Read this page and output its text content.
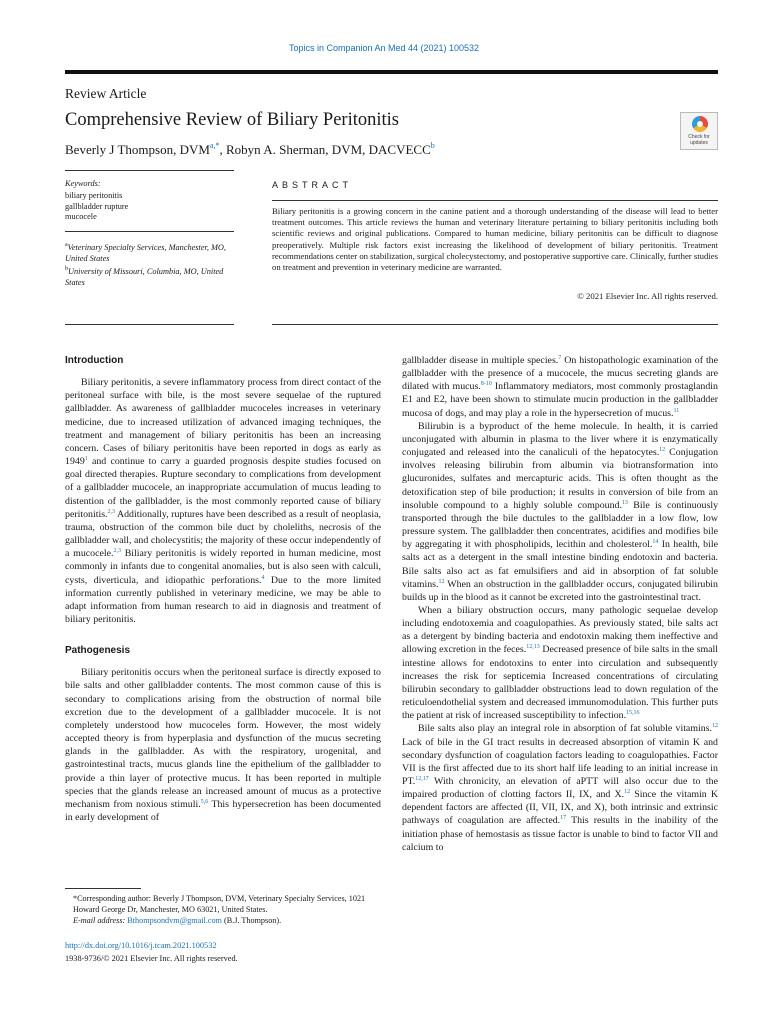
Topics in Companion An Med 44 (2021) 100532
Review Article
Comprehensive Review of Biliary Peritonitis
Beverly J Thompson, $DVM^{a,*}$, Robyn A. Sherman, DVM, DACVECC$^b$
Check for
updates
Keywords:
biliary peritonitis
gallbladder rupture
mucocele
$^a$Veterinary Specialty Services, Manchester, MO, United States
$^b$University of Missouri, Columbia, MO, United States
ABSTRACT
Biliary peritonitis is a growing concern in the canine patient and a thorough understanding of the disease will lead to better treatment outcomes. This article reviews the human and veterinary literature pertaining to biliary peritonitis including both scientific reviews and original publications. Compared to human medicine, biliary peritonitis can be difficult to diagnose preoperatively. Multiple risk factors exist increasing the likelihood of development of biliary peritonitis. Treatment recommendations center on stabilization, surgical cholecystectomy, and postoperative supportive care. Clinically, further studies on treatment and prevention in veterinary medicine are warranted.
© 2021 Elsevier Inc. All rights reserved.
Introduction

Biliary peritonitis, a severe inflammatory process from direct contact of the peritoneal surface with bile, is the most severe sequelae of the ruptured gallbladder. As awareness of gallbladder mucoceles increases in veterinary medicine, due to increased utilization of advanced imaging techniques, the treatment and management of biliary peritonitis has been an increasing concern. Cases of biliary peritonitis have been reported in dogs as early as 1949$^1$ and continue to carry a guarded prognosis despite studies focused on goal directed therapies. Rupture secondary to complications from development of a gallbladder mucocele, an inappropriate accumulation of mucus leading to distention of the gallbladder, is the most commonly reported cause of biliary peritonitis.$^{2,3}$ Additionally, ruptures have been described as a result of neoplasia, trauma, obstruction of the common bile duct by choleliths, necrosis of the gallbladder wall, and cholecystitis; the majority of these occur independently of a mucocele.$^{2,3}$ Biliary peritonitis is widely reported in human medicine, most commonly in infants due to congenital anomalies, but is also seen with calculi, cysts, diverticula, and idiopathic perforations.$^4$ Due to the more limited information currently published in veterinary medicine, we may be able to adapt information from human research to aid in diagnosis and treatment of biliary peritonitis.

Pathogenesis

Biliary peritonitis occurs when the peritoneal surface is directly exposed to bile salts and other gallbladder contents. The most common cause of this is secondary to complications arising from the obstruction of normal bile excretion due to the development of a gallbladder mucocele. It is not completely understood how mucoceles form. However, the most widely accepted theory is from hyperplasia and dysfunction of the mucus secreting glands in the gallbladder. As with the respiratory, urogenital, and gastrointestinal tracts, mucus glands line the epithelium of the gallbladder to provide a thin layer of protective mucus. It has been reported in multiple species that the glands release an increased amount of mucus as a protective mechanism from noxious stimuli.$^{5,6}$ This hypersecretion has been documented in early development of

gallbladder disease in multiple species.$^7$ On histopathologic examination of the gallbladder with the presence of a mucocele, the mucus secreting glands are dilated with mucus.$^{8-10}$ Inflammatory mediators, most commonly prostaglandin E1 and E2, have been shown to stimulate mucin production in the gallbladder mucosa of dogs, and may play a role in the hypersecretion of mucus.$^{11}$

Bilirubin is a byproduct of the heme molecule. In health, it is carried unconjugated with albumin in plasma to the liver where it is enzymatically conjugated and released into the canaliculi of the hepatocytes.$^{12}$ Conjugation involves releasing bilirubin from albumin via biotransformation into glucuronides, sulfates and mercapturic acids. This is often thought as the detoxification step of bile production; it results in conversion of bile from an insoluble compound to a highly soluble compound.$^{13}$ Bile is continuously transported through the bile ductules to the gallbladder in a low flow, low pressure system. The gallbladder then concentrates, acidifies and modifies bile by aggregating it with phospholipids, lecithin and cholesterol.$^{14}$ In health, bile salts act as a detergent in the small intestine binding endotoxin and bacteria. Bile salts also act as fat emulsifiers and aid in absorption of fat soluble vitamins.$^{12}$ When an obstruction in the gallbladder occurs, conjugated bilirubin builds up in the blood as it cannot be excreted into the gastrointestinal tract.

When a biliary obstruction occurs, many pathologic sequelae develop including endotoxemia and coagulopathies. As previously stated, bile salts act as a detergent by binding bacteria and endotoxin making them ineffective and allowing excretion in the feces.$^{12,13}$ Decreased presence of bile salts in the small intestine allows for endotoxins to enter into circulation and subsequently increases the risk for septicemia Increased concentrations of circulating bilirubin secondary to gallbladder obstructions lead to down regulation of the reticuloendothelial system and decreased immunomodulation. This further puts the patient at risk of increased susceptibility to infection.$^{15,16}$

Bile salts also play an integral role in absorption of fat soluble vitamins.$^{12}$ Lack of bile in the GI tract results in decreased absorption of vitamin K and secondary dysfunction of coagulation factors leading to coagulopathies. Factor VII is the first affected due to its short half life leading to an initial increase in PT.$^{12,17}$ With chronicity, an elevation of aPTT will also occur due to the impaired production of clotting factors II, IX, and X.$^{12}$ Since the vitamin K dependent factors are affected (II, VII, IX, and X), both intrinsic and extrinsic pathways of coagulation are affected.$^{17}$ This results in the inability of the initiation phase of hemostasis as tissue factor is unable to bind to factor VII and calcium to

*Corresponding author: Beverly J Thompson, DVM, Veterinary Specialty Services, 1021 Howard George Dr, Manchester, MO 63021, United States.
E-mail address: Bthompsondvm@gmail.com (B.J. Thompson).
http://dx.doi.org/10.1016/j.tcam.2021.100532
1938-9736/© 2021 Elsevier Inc. All rights reserved.
